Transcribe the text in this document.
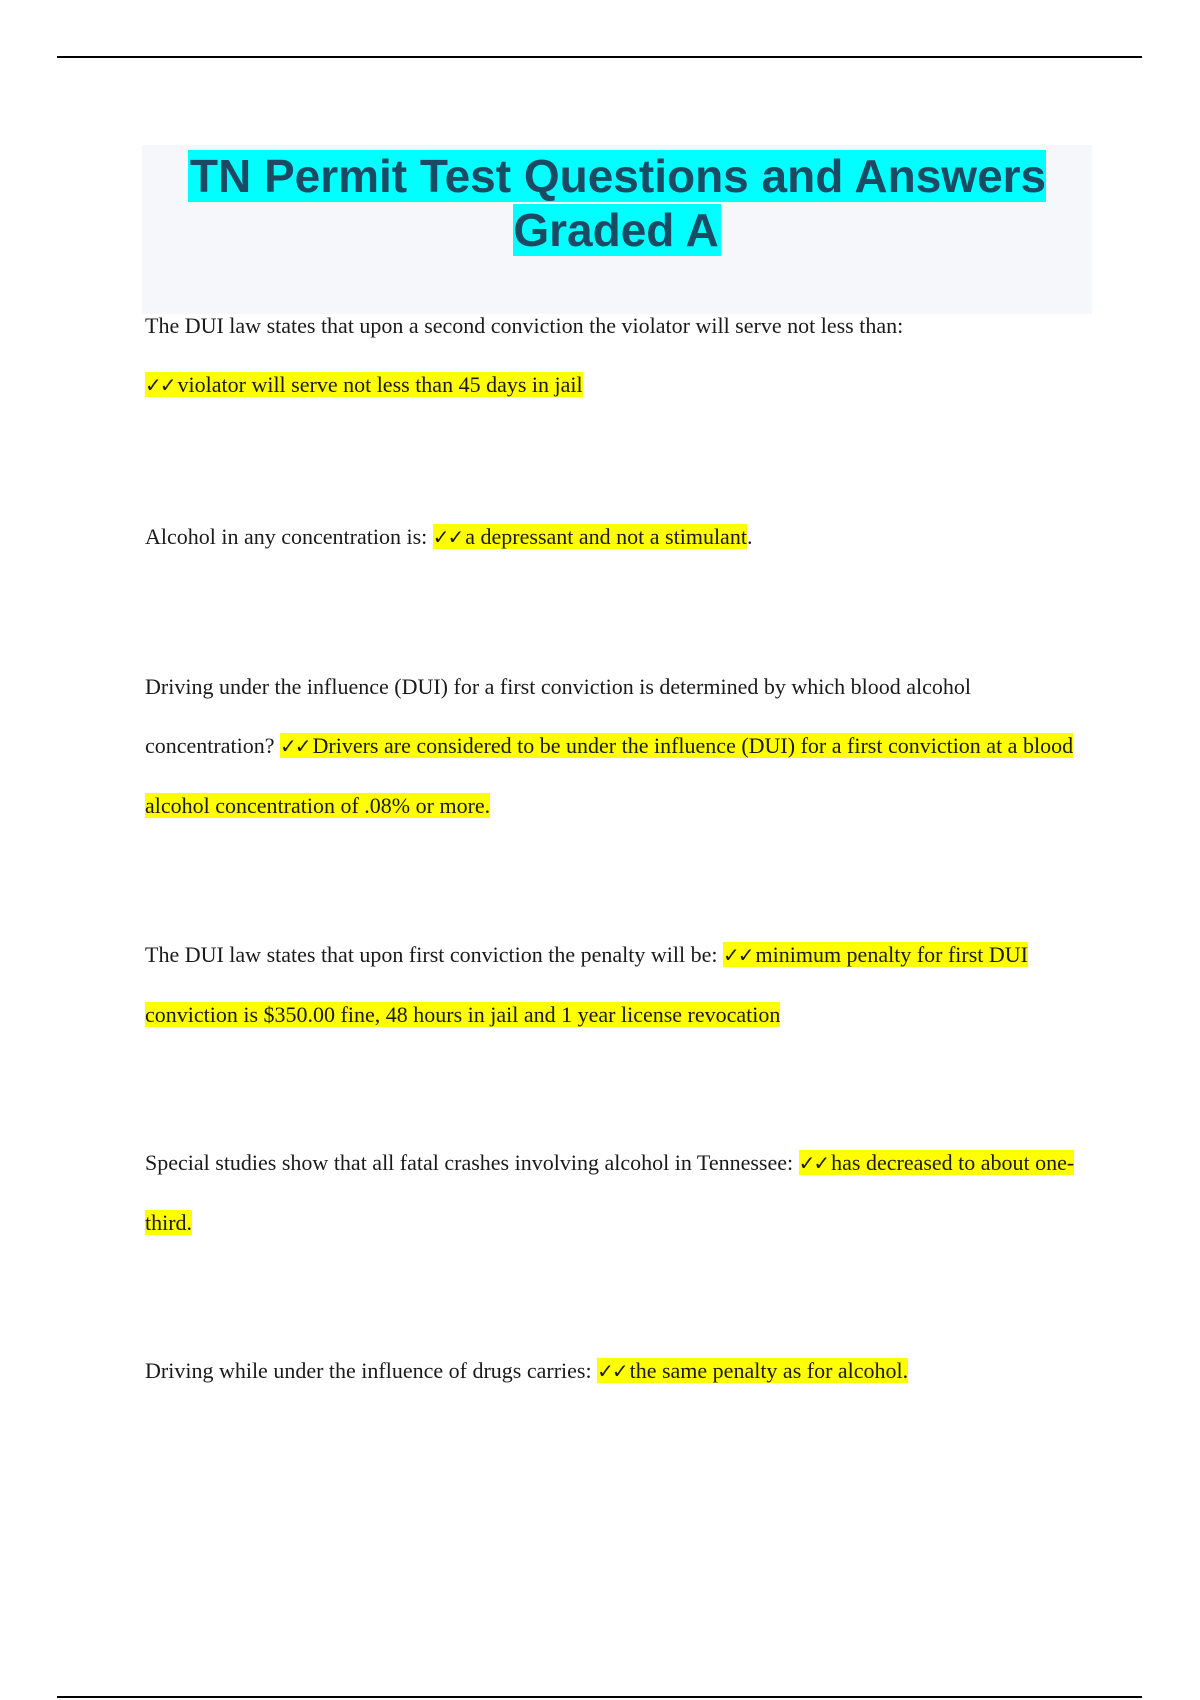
TN Permit Test Questions and Answers Graded A

The DUI law states that upon a second conviction the violator will serve not less than:
✓✓ violator will serve not less than 45 days in jail

Alcohol in any concentration is: ✓✓ a depressant and not a stimulant.

Driving under the influence (DUI) for a first conviction is determined by which blood alcohol concentration? ✓✓ Drivers are considered to be under the influence (DUI) for a first conviction at a blood alcohol concentration of .08% or more.

The DUI law states that upon first conviction the penalty will be: ✓✓ minimum penalty for first DUI conviction is $350.00 fine, 48 hours in jail and 1 year license revocation

Special studies show that all fatal crashes involving alcohol in Tennessee: ✓✓ has decreased to about one-third.

Driving while under the influence of drugs carries: ✓✓ the same penalty as for alcohol.
